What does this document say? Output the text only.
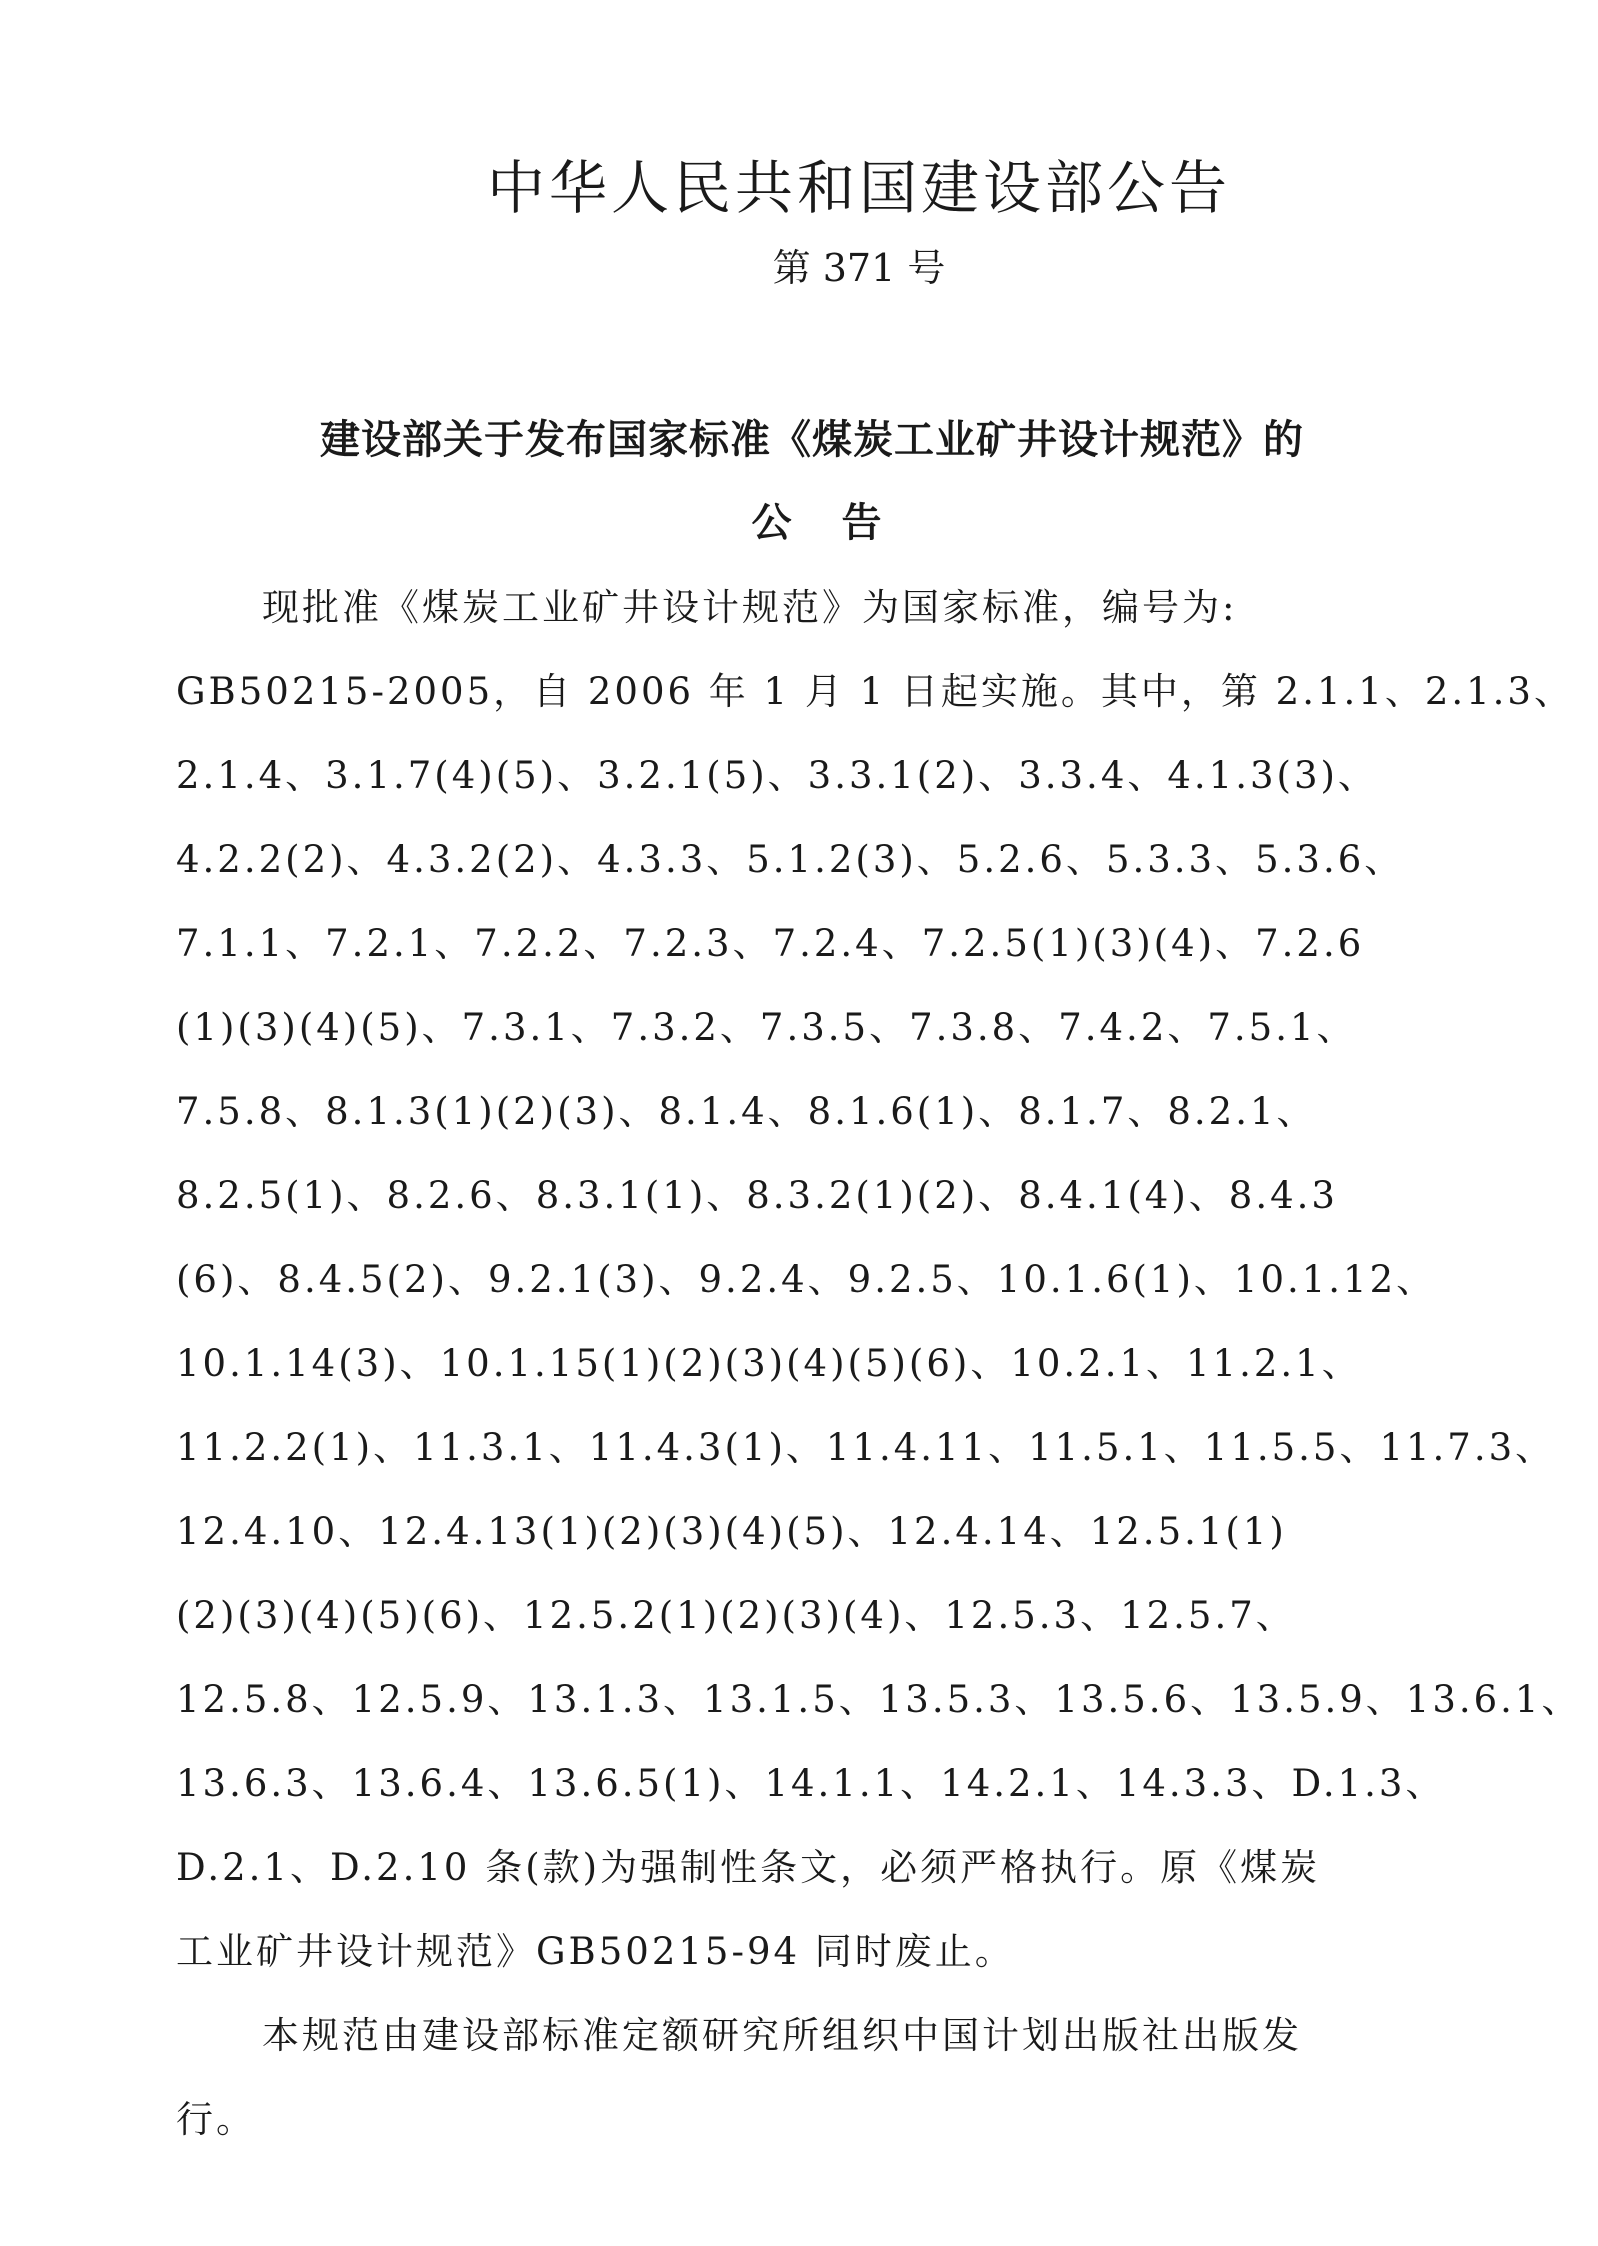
中华人民共和国建设部公告
第 371 号
建设部关于发布国家标准《煤炭工业矿井设计规范》的
公告
现批准《煤炭工业矿井设计规范》为国家标准，编号为:
GB50215-2005，自 2006 年 1 月 1 日起实施。其中，第 2.1.1、2.1.3、
2.1.4、3.1.7(4)(5)、3.2.1(5)、3.3.1(2)、3.3.4、4.1.3(3)、
4.2.2(2)、4.3.2(2)、4.3.3、5.1.2(3)、5.2.6、5.3.3、5.3.6、
7.1.1、7.2.1、7.2.2、7.2.3、7.2.4、7.2.5(1)(3)(4)、7.2.6
(1)(3)(4)(5)、7.3.1、7.3.2、7.3.5、7.3.8、7.4.2、7.5.1、
7.5.8、8.1.3(1)(2)(3)、8.1.4、8.1.6(1)、8.1.7、8.2.1、
8.2.5(1)、8.2.6、8.3.1(1)、8.3.2(1)(2)、8.4.1(4)、8.4.3
(6)、8.4.5(2)、9.2.1(3)、9.2.4、9.2.5、10.1.6(1)、10.1.12、
10.1.14(3)、10.1.15(1)(2)(3)(4)(5)(6)、10.2.1、11.2.1、
11.2.2(1)、11.3.1、11.4.3(1)、11.4.11、11.5.1、11.5.5、11.7.3、
12.4.10、12.4.13(1)(2)(3)(4)(5)、12.4.14、12.5.1(1)
(2)(3)(4)(5)(6)、12.5.2(1)(2)(3)(4)、12.5.3、12.5.7、
12.5.8、12.5.9、13.1.3、13.1.5、13.5.3、13.5.6、13.5.9、13.6.1、
13.6.3、13.6.4、13.6.5(1)、14.1.1、14.2.1、14.3.3、D.1.3、
D.2.1、D.2.10 条(款)为强制性条文，必须严格执行。原《煤炭
工业矿井设计规范》GB50215-94 同时废止。
本规范由建设部标准定额研究所组织中国计划出版社出版发
行。
